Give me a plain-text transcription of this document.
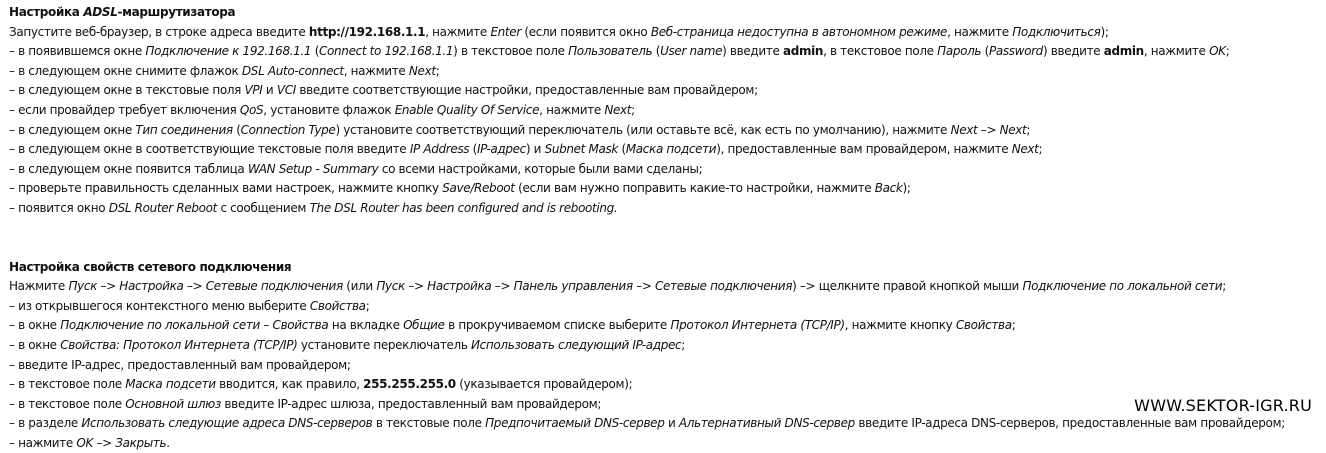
Настройка ADSL-маршрутизатора
Запустите веб-браузер, в строке адреса введите http://192.168.1.1, нажмите Enter (если появится окно Веб-страница недоступна в автономном режиме, нажмите Подключиться);
– в появившемся окне Подключение к 192.168.1.1 (Connect to 192.168.1.1) в текстовое поле Пользователь (User name) введите admin, в текстовое поле Пароль (Password) введите admin, нажмите OK;
– в следующем окне снимите флажок DSL Auto-connect, нажмите Next;
– в следующем окне в текстовые поля VPI и VCI введите соответствующие настройки, предоставленные вам провайдером;
– если провайдер требует включения QoS, установите флажок Enable Quality Of Service, нажмите Next;
– в следующем окне Тип соединения (Connection Type) установите соответствующий переключатель (или оставьте всё, как есть по умолчанию), нажмите Next –> Next;
– в следующем окне в соответствующие текстовые поля введите IP Address (IP-адрес) и Subnet Mask (Маска подсети), предоставленные вам провайдером, нажмите Next;
– в следующем окне появится таблица WAN Setup - Summary со всеми настройками, которые были вами сделаны;
– проверьте правильность сделанных вами настроек, нажмите кнопку Save/Reboot (если вам нужно поправить какие-то настройки, нажмите Back);
– появится окно DSL Router Reboot с сообщением The DSL Router has been configured and is rebooting.
Настройка свойств сетевого подключения
Нажмите Пуск –> Настройка –> Сетевые подключения (или Пуск –> Настройка –> Панель управления –> Сетевые подключения) –> щелкните правой кнопкой мыши Подключение по локальной сети;
– из открывшегося контекстного меню выберите Свойства;
– в окне Подключение по локальной сети – Свойства на вкладке Общие в прокручиваемом списке выберите Протокол Интернета (TCP/IP), нажмите кнопку Свойства;
– в окне Свойства: Протокол Интернета (TCP/IP) установите переключатель Использовать следующий IP-адрес;
– введите IP-адрес, предоставленный вам провайдером;
– в текстовое поле Маска подсети вводится, как правило, 255.255.255.0 (указывается провайдером);
– в текстовое поле Основной шлюз введите IP-адрес шлюза, предоставленный вам провайдером;
– в разделе Использовать следующие адреса DNS-серверов в текстовые поле Предпочитаемый DNS-сервер и Альтернативный DNS-сервер введите IP-адреса DNS-серверов, предоставленные вам провайдером;
– нажмите OK –> Закрыть.
WWW.SEKTOR-IGR.RU
